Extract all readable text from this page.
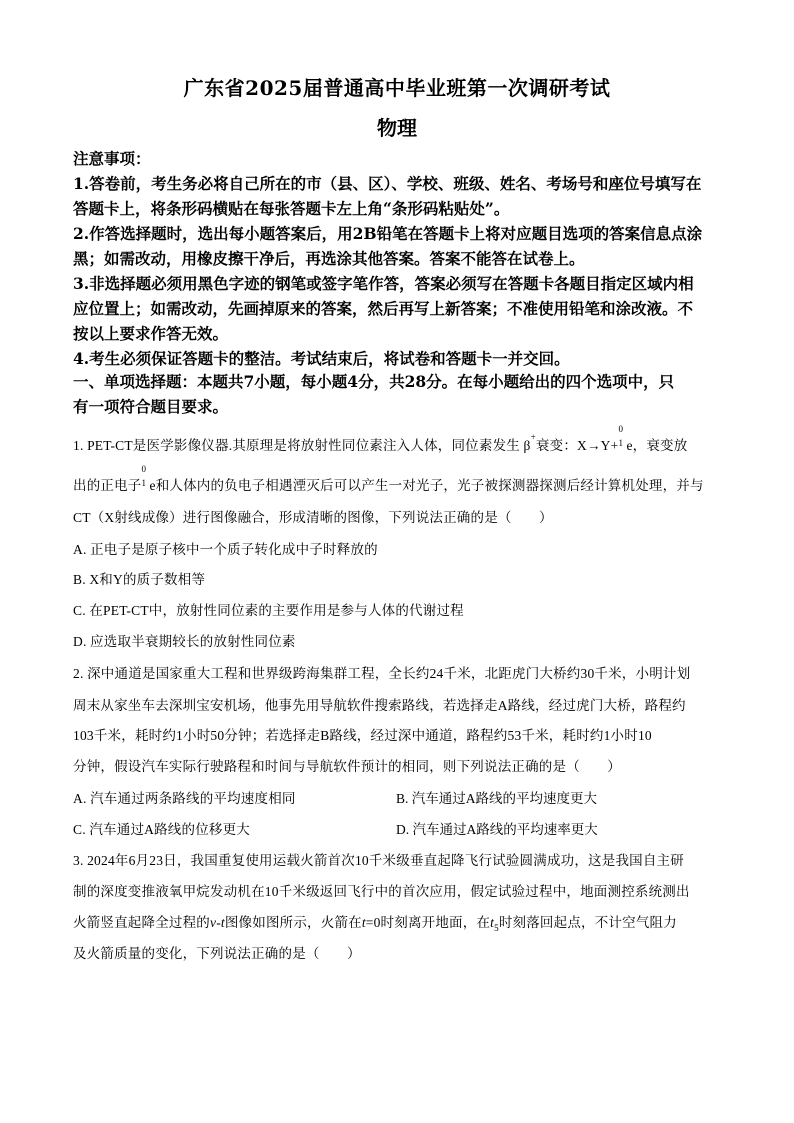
广东省2025届普通高中毕业班第一次调研考试
物理
注意事项：
1.答卷前，考生务必将自己所在的市（县、区）、学校、班级、姓名、考场号和座位号填写在
答题卡上，将条形码横贴在每张答题卡左上角“条形码粘贴处”。
2.作答选择题时，选出每小题答案后，用2B铅笔在答题卡上将对应题目选项的答案信息点涂
黑；如需改动，用橡皮擦干净后，再选涂其他答案。答案不能答在试卷上。
3.非选择题必须用黑色字迹的钢笔或签字笔作答，答案必须写在答题卡各题目指定区域内相
应位置上；如需改动，先画掉原来的答案，然后再写上新答案；不准使用铅笔和涂改液。不
按以上要求作答无效。
4.考生必须保证答题卡的整洁。考试结束后，将试卷和答题卡一并交回。
一、单项选择题：本题共7小题，每小题4分，共28分。在每小题给出的四个选项中，只
有一项符合题目要求。
1. PET-CT是医学影像仪器.其原理是将放射性同位素注入人体，同位素发生 β+衰变：X→Y+
0
1 e，衰变放
出的正电子
0
1 e和人体内的负电子相遇湮灭后可以产生一对光子，光子被探测器探测后经计算机处理，并与
CT（X射线成像）进行图像融合，形成清晰的图像，下列说法正确的是（　　）
A. 正电子是原子核中一个质子转化成中子时释放的
B. X和Y的质子数相等
C. 在PET-CT中，放射性同位素的主要作用是参与人体的代谢过程
D. 应选取半衰期较长的放射性同位素
2. 深中通道是国家重大工程和世界级跨海集群工程，全长约24千米，北距虎门大桥约30千米，小明计划
周末从家坐车去深圳宝安机场，他事先用导航软件搜索路线，若选择走A路线，经过虎门大桥，路程约
103千米，耗时约1小时50分钟；若选择走B路线，经过深中通道，路程约53千米，耗时约1小时10
分钟，假设汽车实际行驶路程和时间与导航软件预计的相同，则下列说法正确的是（　　）
A. 汽车通过两条路线的平均速度相同	B. 汽车通过A路线的平均速度更大
C. 汽车通过A路线的位移更大	D. 汽车通过A路线的平均速率更大
3. 2024年6月23日，我国重复使用运载火箭首次10千米级垂直起降飞行试验圆满成功，这是我国自主研
制的深度变推液氧甲烷发动机在10千米级返回飞行中的首次应用，假定试验过程中，地面测控系统测出
火箭竖直起降全过程的v-t图像如图所示，火箭在t=0时刻离开地面，在$t_5$时刻落回起点，不计空气阻力
及火箭质量的变化，下列说法正确的是（　　）
